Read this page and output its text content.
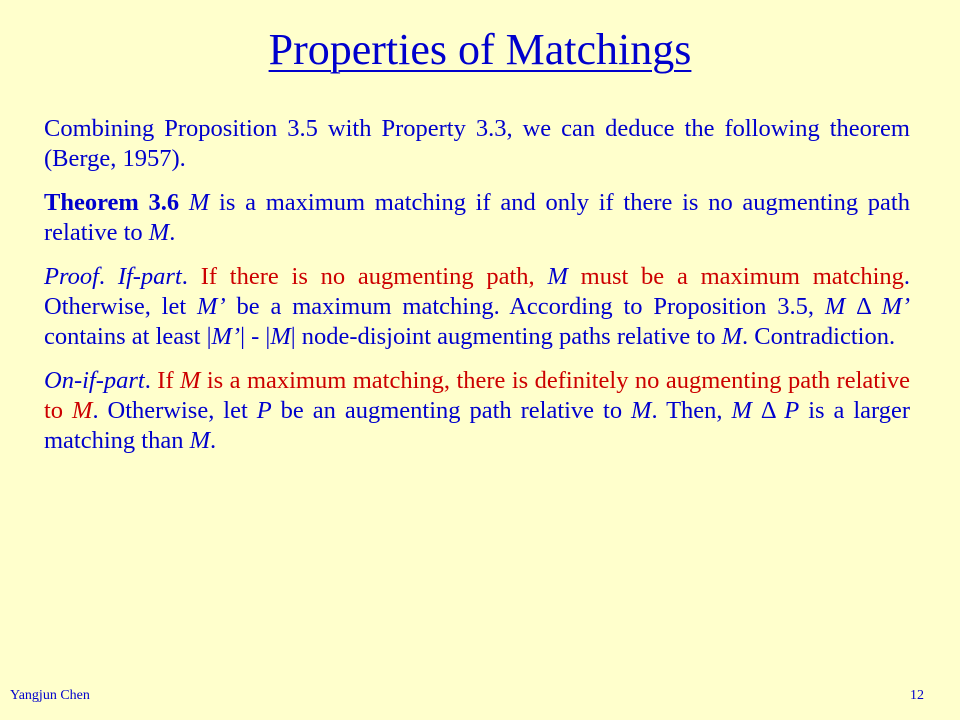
Properties of Matchings

Combining Proposition 3.5 with Property 3.3, we can deduce the following theorem (Berge, 1957).

Theorem 3.6 M is a maximum matching if and only if there is no augmenting path relative to M.

Proof. If-part. If there is no augmenting path, M must be a maximum matching. Otherwise, let M’ be a maximum matching. According to Proposition 3.5, M Δ M’ contains at least |M’| - |M| node-disjoint augmenting paths relative to M. Contradiction.

On-if-part. If M is a maximum matching, there is definitely no augmenting path relative to M. Otherwise, let P be an augmenting path relative to M. Then, M Δ P is a larger matching than M.

Yangjun Chen	12
